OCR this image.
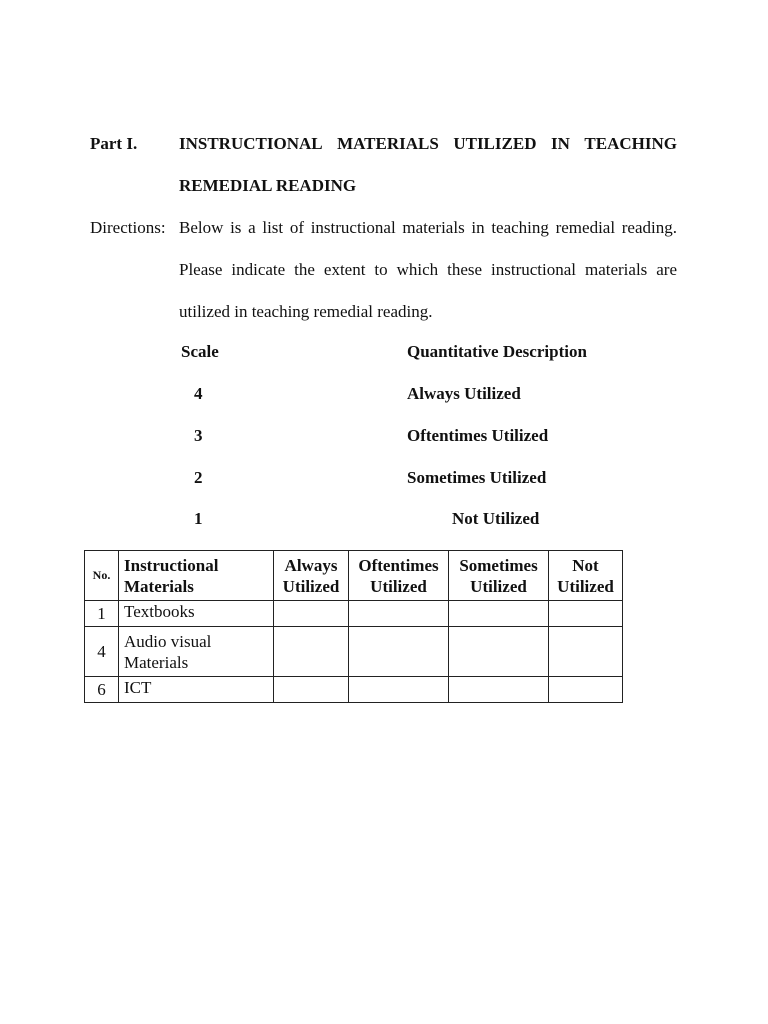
Part I. INSTRUCTIONAL MATERIALS UTILIZED IN TEACHING
REMEDIAL READING
Directions: Below is a list of instructional materials in teaching remedial reading.
Please indicate the extent to which these instructional materials are
utilized in teaching remedial reading.
Scale	Quantitative Description
4	Always Utilized
3	Oftentimes Utilized
2	Sometimes Utilized
1	Not Utilized
No.	Instructional Materials	Always Utilized	Oftentimes Utilized	Sometimes Utilized	Not Utilized
1	Textbooks				
4	Audio visual Materials				
6	ICT				
